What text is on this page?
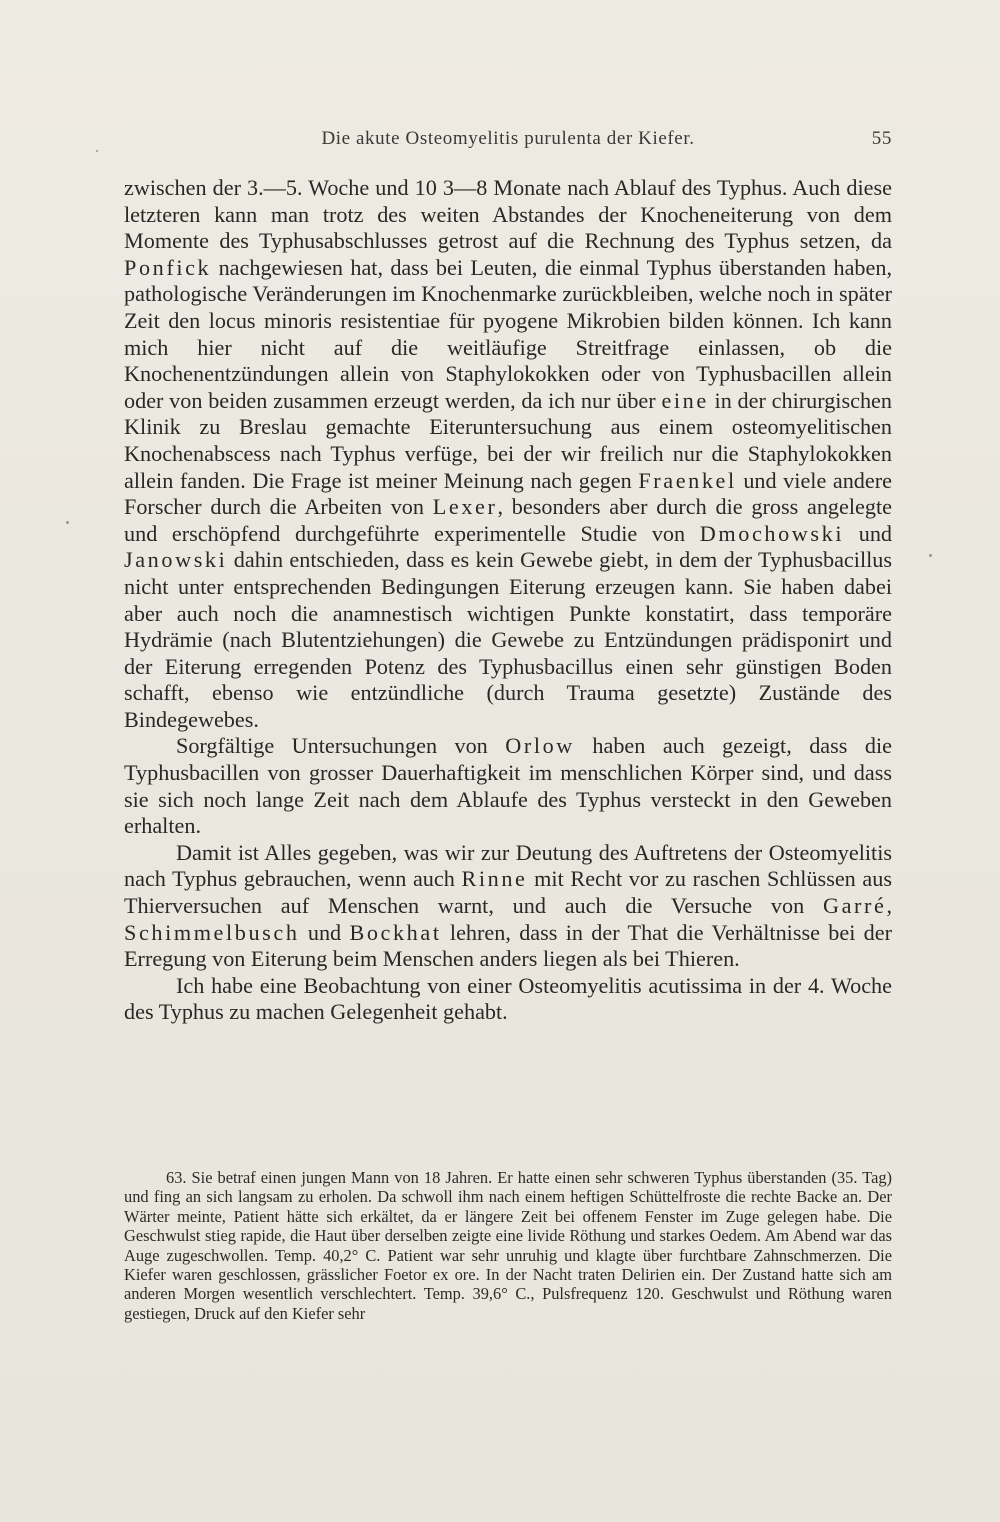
Die akute Osteomyelitis purulenta der Kiefer.	55

zwischen der 3.—5. Woche und 10 3—8 Monate nach Ablauf des Typhus. Auch diese letzteren kann man trotz des weiten Abstandes der Knocheneiterung von dem Momente des Typhusabschlusses getrost auf die Rechnung des Typhus setzen, da Ponfick nachgewiesen hat, dass bei Leuten, die einmal Typhus überstanden haben, pathologische Veränderungen im Knochenmarke zurückbleiben, welche noch in später Zeit den locus minoris resistentiae für pyogene Mikrobien bilden können. Ich kann mich hier nicht auf die weitläufige Streitfrage einlassen, ob die Knochenentzündungen allein von Staphylokokken oder von Typhusbacillen allein oder von beiden zusammen erzeugt werden, da ich nur über eine in der chirurgischen Klinik zu Breslau gemachte Eiteruntersuchung aus einem osteomyelitischen Knochenabscess nach Typhus verfüge, bei der wir freilich nur die Staphylokokken allein fanden. Die Frage ist meiner Meinung nach gegen Fraenkel und viele andere Forscher durch die Arbeiten von Lexer, besonders aber durch die gross angelegte und erschöpfend durchgeführte experimentelle Studie von Dmochowski und Janowski dahin entschieden, dass es kein Gewebe giebt, in dem der Typhusbacillus nicht unter entsprechenden Bedingungen Eiterung erzeugen kann. Sie haben dabei aber auch noch die anamnestisch wichtigen Punkte konstatirt, dass temporäre Hydrämie (nach Blutentziehungen) die Gewebe zu Entzündungen prädisponirt und der Eiterung erregenden Potenz des Typhusbacillus einen sehr günstigen Boden schafft, ebenso wie entzündliche (durch Trauma gesetzte) Zustände des Bindegewebes.

Sorgfältige Untersuchungen von Orlow haben auch gezeigt, dass die Typhusbacillen von grosser Dauerhaftigkeit im menschlichen Körper sind, und dass sie sich noch lange Zeit nach dem Ablaufe des Typhus versteckt in den Geweben erhalten.

Damit ist Alles gegeben, was wir zur Deutung des Auftretens der Osteomyelitis nach Typhus gebrauchen, wenn auch Rinne mit Recht vor zu raschen Schlüssen aus Thierversuchen auf Menschen warnt, und auch die Versuche von Garré, Schimmelbusch und Bockhat lehren, dass in der That die Verhältnisse bei der Erregung von Eiterung beim Menschen anders liegen als bei Thieren.

Ich habe eine Beobachtung von einer Osteomyelitis acutissima in der 4. Woche des Typhus zu machen Gelegenheit gehabt.

63. Sie betraf einen jungen Mann von 18 Jahren. Er hatte einen sehr schweren Typhus überstanden (35. Tag) und fing an sich langsam zu erholen. Da schwoll ihm nach einem heftigen Schüttelfroste die rechte Backe an. Der Wärter meinte, Patient hätte sich erkältet, da er längere Zeit bei offenem Fenster im Zuge gelegen habe. Die Geschwulst stieg rapide, die Haut über derselben zeigte eine livide Röthung und starkes Oedem. Am Abend war das Auge zugeschwollen. Temp. 40,2° C. Patient war sehr unruhig und klagte über furchtbare Zahnschmerzen. Die Kiefer waren geschlossen, grässlicher Foetor ex ore. In der Nacht traten Delirien ein. Der Zustand hatte sich am anderen Morgen wesentlich verschlechtert. Temp. 39,6° C., Pulsfrequenz 120. Geschwulst und Röthung waren gestiegen, Druck auf den Kiefer sehr
